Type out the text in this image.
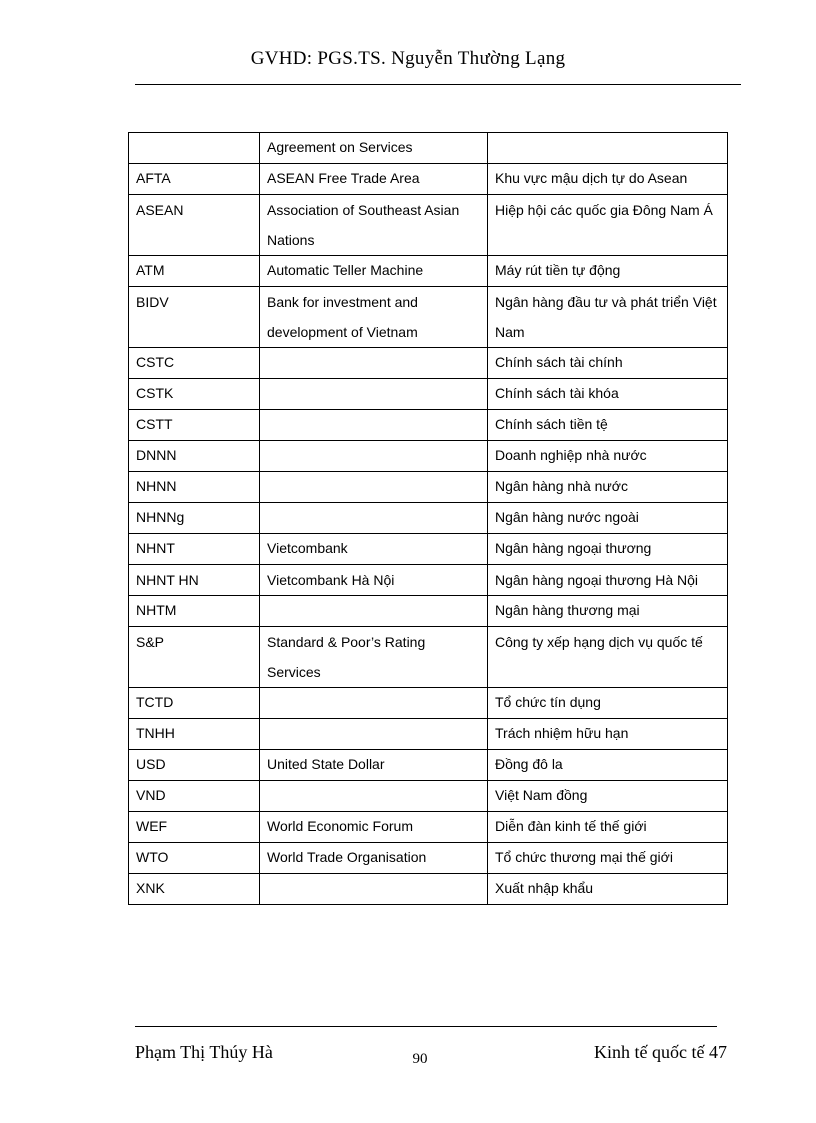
GVHD: PGS.TS. Nguyễn Thường Lạng
	Agreement on Services	
AFTA	ASEAN Free Trade Area	Khu vực mậu dịch tự do Asean
ASEAN	Association of Southeast Asian Nations	Hiệp hội các quốc gia Đông Nam Á
ATM	Automatic Teller Machine	Máy rút tiền tự động
BIDV	Bank for investment and development of Vietnam	Ngân hàng đầu tư và phát triển Việt Nam
CSTC		Chính sách tài chính
CSTK		Chính sách tài khóa
CSTT		Chính sách tiền tệ
DNNN		Doanh nghiệp nhà nước
NHNN		Ngân hàng nhà nước
NHNNg		Ngân hàng nước ngoài
NHNT	Vietcombank	Ngân hàng ngoại thương
NHNT HN	Vietcombank Hà Nội	Ngân hàng ngoại thương Hà Nội
NHTM		Ngân hàng thương mại
S&P	Standard & Poor’s Rating Services	Công ty xếp hạng dịch vụ quốc tế
TCTD		Tổ chức tín dụng
TNHH		Trách nhiệm hữu hạn
USD	United State Dollar	Đồng đô la
VND		Việt Nam đồng
WEF	World Economic Forum	Diễn đàn kinh tế thế giới
WTO	World Trade Organisation	Tổ chức thương mại thế giới
XNK		Xuất nhập khẩu
Phạm Thị Thúy Hà	90	Kinh tế quốc tế 47
